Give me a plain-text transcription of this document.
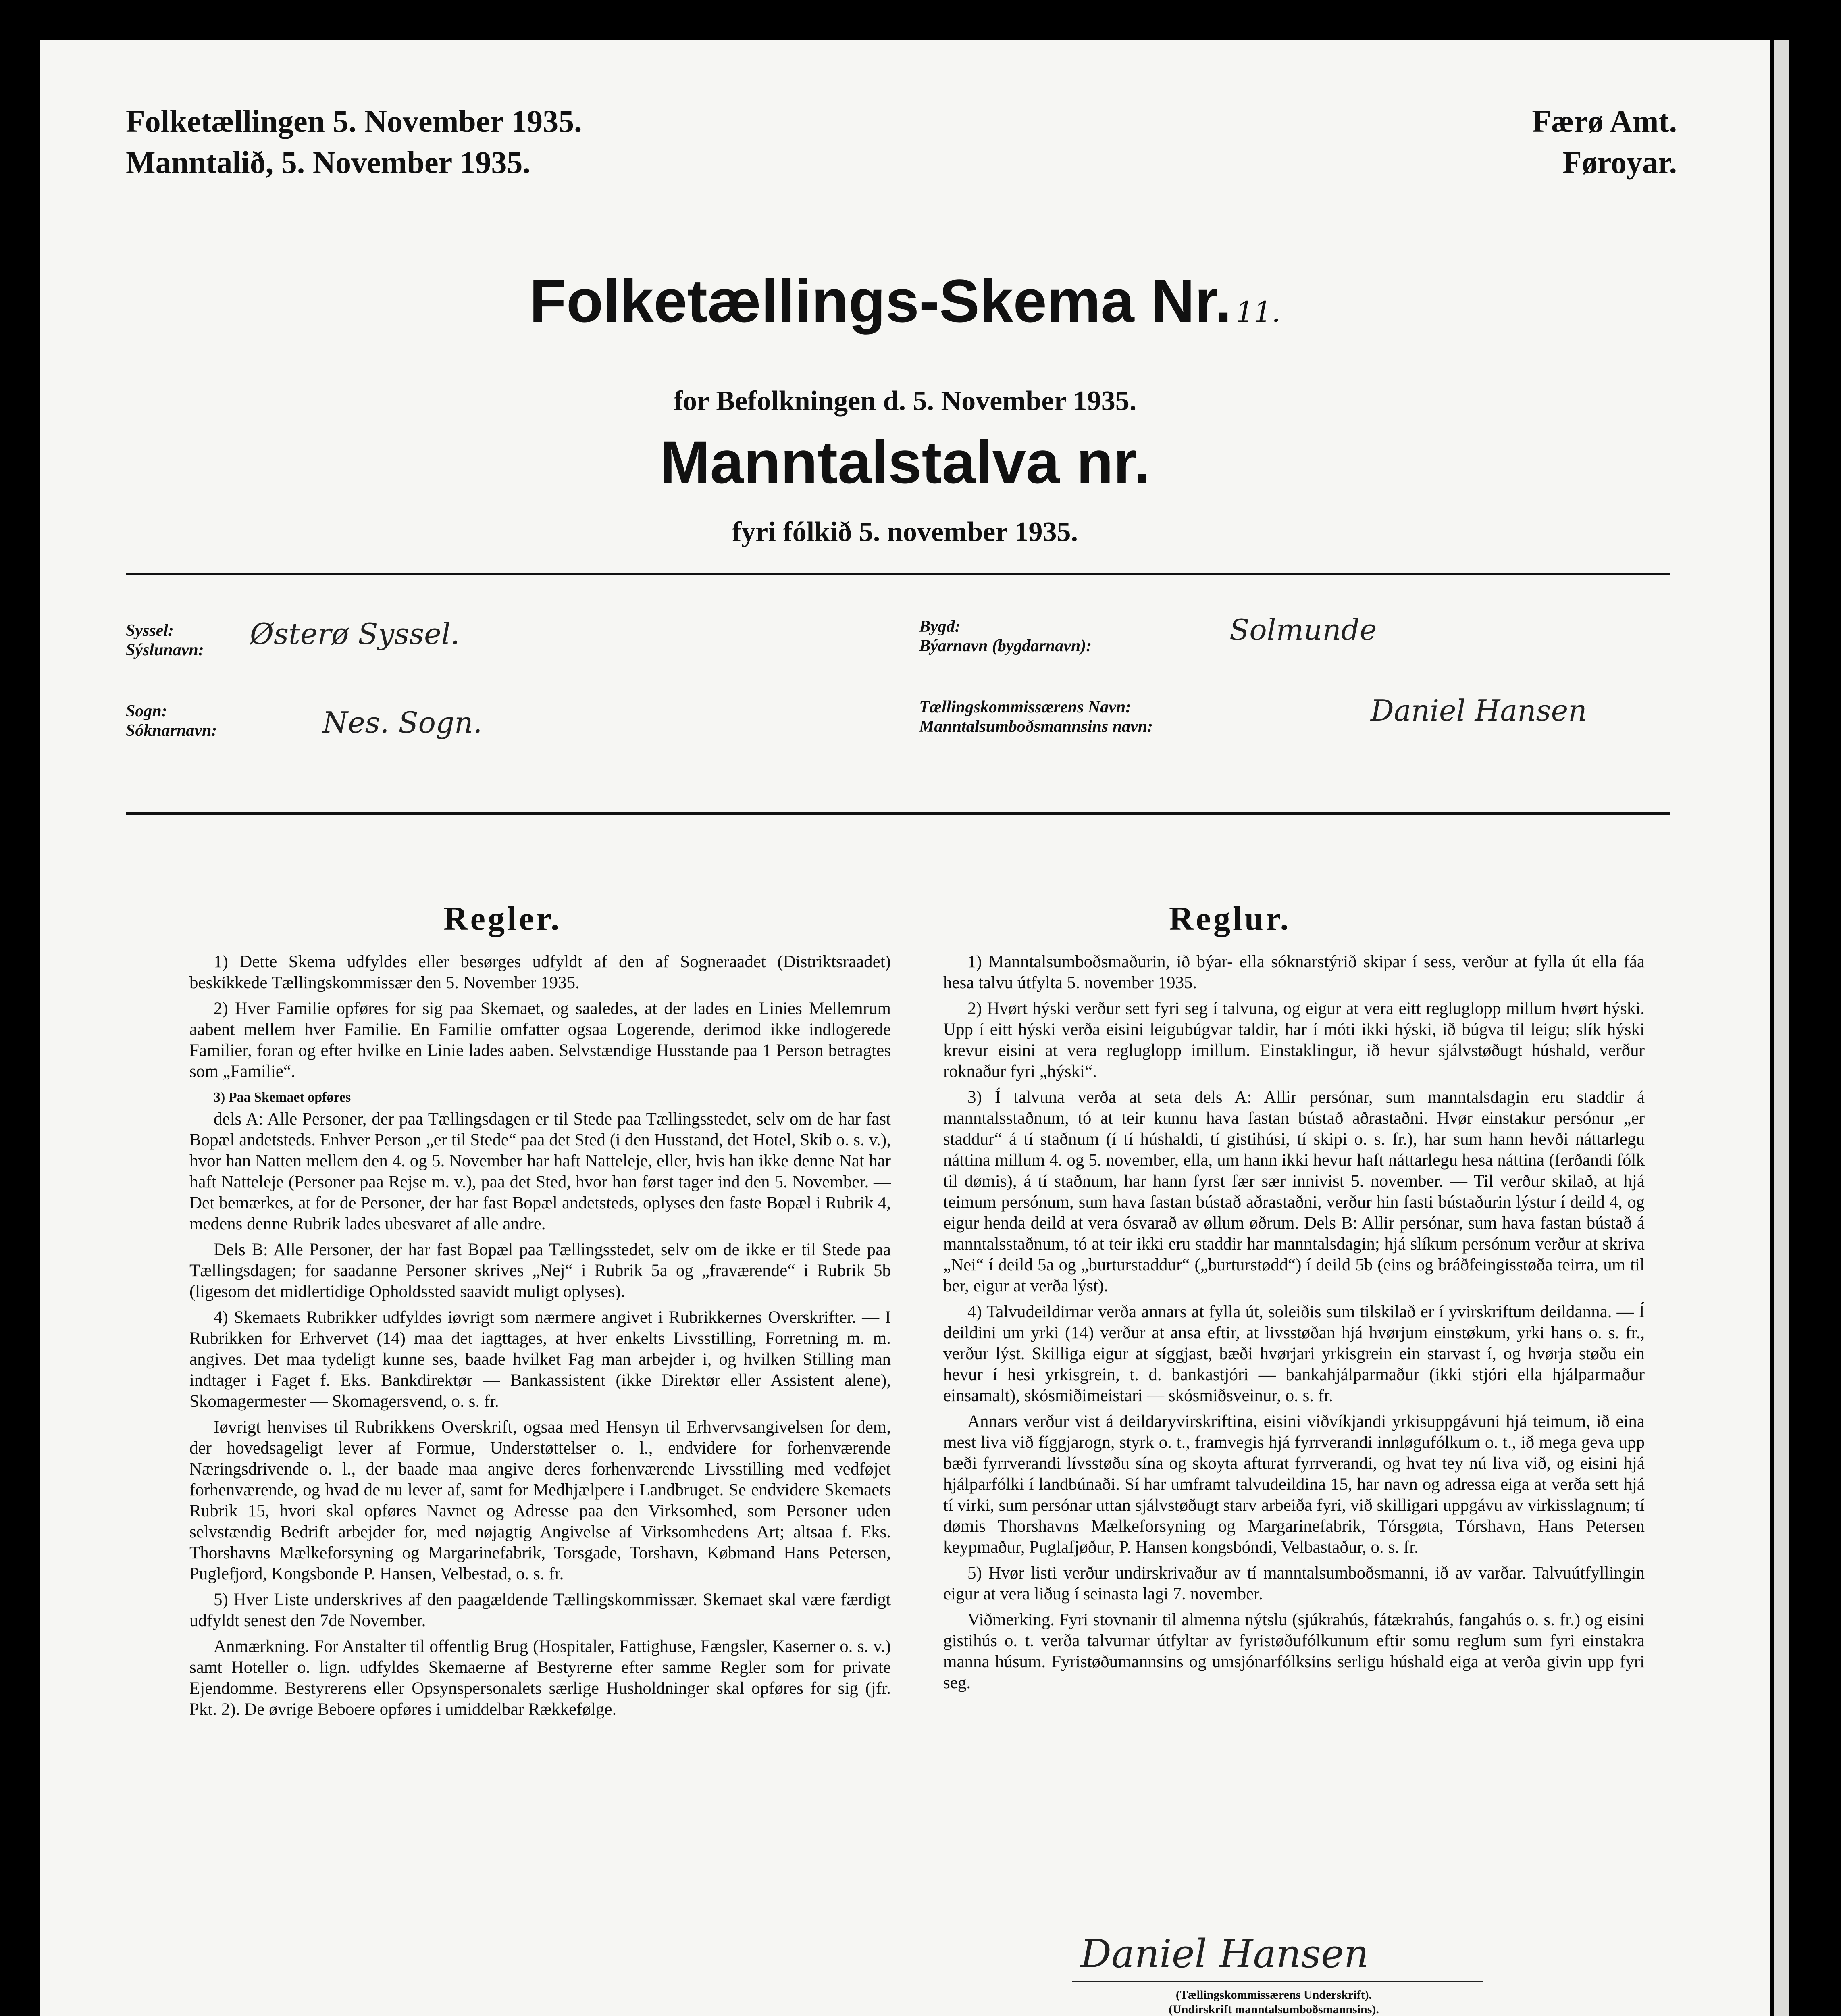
Folketællingen 5. November 1935.
Manntalið, 5. November 1935.
Færø Amt.
Føroyar.
Folketællings-Skema Nr. 11.
for Befolkningen d. 5. November 1935.
Manntalstalva nr.
fyri fólkið 5. november 1935.
Syssel:
Sýslunavn: Østerø Syssel.
Sogn:
Sóknarnavn:	Nes. Sogn.
Bygd:
Býarnavn (bygdarnavn):	Solmunde
Tællingskommissærens Navn:
Manntalsumboðsmannsins navn:	Daniel Hansen
Regler.	Reglur.

1) Dette Skema udfyldes eller besørges udfyldt af den af Sogneraadet (Distriktsraadet) beskikkede Tællingskommissær den 5. November 1935.

2) Hver Familie opføres for sig paa Skemaet, og saaledes, at der lades en Linies Mellemrum aabent mellem hver Familie. En Familie omfatter ogsaa Logerende, derimod ikke indlogerede Familier, foran og efter hvilke en Linie lades aaben. Selvstændige Husstande paa 1 Person betragtes som „Familie“.

3) Paa Skemaet opføres

dels A: Alle Personer, der paa Tællingsdagen er til Stede paa Tællingsstedet, selv om de har fast Bopæl andetsteds. Enhver Person „er til Stede“ paa det Sted (i den Husstand, det Hotel, Skib o. s. v.), hvor han Natten mellem den 4. og 5. November har haft Natteleje, eller, hvis han ikke denne Nat har haft Natteleje (Personer paa Rejse m. v.), paa det Sted, hvor han først tager ind den 5. November. — Det bemærkes, at for de Personer, der har fast Bopæl andetsteds, oplyses den faste Bopæl i Rubrik 4, medens denne Rubrik lades ubesvaret af alle andre.

Dels B: Alle Personer, der har fast Bopæl paa Tællingsstedet, selv om de ikke er til Stede paa Tællingsdagen; for saadanne Personer skrives „Nej“ i Rubrik 5a og „fraværende“ i Rubrik 5b (ligesom det midlertidige Opholdssted saavidt muligt oplyses).

4) Skemaets Rubrikker udfyldes iøvrigt som nærmere angivet i Rubrikkernes Overskrifter. — I Rubrikken for Erhvervet (14) maa det iagttages, at hver enkelts Livsstilling, Forretning m. m. angives. Det maa tydeligt kunne ses, baade hvilket Fag man arbejder i, og hvilken Stilling man indtager i Faget f. Eks. Bankdirektør — Bankassistent (ikke Direktør eller Assistent alene), Skomagermester — Skomagersvend, o. s. fr.

Iøvrigt henvises til Rubrikkens Overskrift, ogsaa med Hensyn til Erhvervsangivelsen for dem, der hovedsageligt lever af Formue, Understøttelser o. l., endvidere for forhenværende Næringsdrivende o. l., der baade maa angive deres forhenværende Livsstilling med vedføjet forhenværende, og hvad de nu lever af, samt for Medhjælpere i Landbruget. Se endvidere Skemaets Rubrik 15, hvori skal opføres Navnet og Adresse paa den Virksomhed, som Personer uden selvstændig Bedrift arbejder for, med nøjagtig Angivelse af Virksomhedens Art; altsaa f. Eks. Thorshavns Mælkeforsyning og Margarinefabrik, Torsgade, Torshavn, Købmand Hans Petersen, Puglefjord, Kongsbonde P. Hansen, Velbestad, o. s. fr.

5) Hver Liste underskrives af den paagældende Tællingskommissær. Skemaet skal være færdigt udfyldt senest den 7de November.

Anmærkning. For Anstalter til offentlig Brug (Hospitaler, Fattighuse, Fængsler, Kaserner o. s. v.) samt Hoteller o. lign. udfyldes Skemaerne af Bestyrerne efter samme Regler som for private Ejendomme. Bestyrerens eller Opsynspersonalets særlige Husholdninger skal opføres for sig (jfr. Pkt. 2). De øvrige Beboere opføres i umiddelbar Rækkefølge.

1) Manntalsumboðsmaðurin, ið býar- ella sóknarstýrið skipar í sess, verður at fylla út ella fáa hesa talvu útfylta 5. november 1935.

2) Hvørt hýski verður sett fyri seg í talvuna, og eigur at vera eitt regluglopp millum hvørt hýski. Upp í eitt hýski verða eisini leigubúgvar taldir, har í móti ikki hýski, ið búgva til leigu; slík hýski krevur eisini at vera regluglopp imillum. Einstaklingur, ið hevur sjálvstøðugt húshald, verður roknaður fyri „hýski“.

3) Í talvuna verða at seta dels A: Allir persónar, sum manntalsdagin eru staddir á manntalsstaðnum, tó at teir kunnu hava fastan bústað aðrastaðni. Hvør einstakur persónur „er staddur“ á tí staðnum (í tí húshaldi, tí gistihúsi, tí skipi o. s. fr.), har sum hann hevði náttarlegu náttina millum 4. og 5. november, ella, um hann ikki hevur haft náttarlegu hesa náttina (ferðandi fólk til dømis), á tí staðnum, har hann fyrst fær sær innivist 5. november. — Til verður skilað, at hjá teimum persónum, sum hava fastan bústað aðrastaðni, verður hin fasti bústaðurin lýstur í deild 4, og eigur henda deild at vera ósvarað av øllum øðrum. Dels B: Allir persónar, sum hava fastan bústað á manntalsstaðnum, tó at teir ikki eru staddir har manntalsdagin; hjá slíkum persónum verður at skriva „Nei“ í deild 5a og „burturstaddur“ („burturstødd“) í deild 5b (eins og bráðfeingisstøða teirra, um til ber, eigur at verða lýst).

4) Talvudeildirnar verða annars at fylla út, soleiðis sum tilskilað er í yvirskriftum deildanna. — Í deildini um yrki (14) verður at ansa eftir, at livsstøðan hjá hvørjum einstøkum, yrki hans o. s. fr., verður lýst. Skilliga eigur at síggjast, bæði hvørjari yrkisgrein ein starvast í, og hvørja støðu ein hevur í hesi yrkisgrein, t. d. bankastjóri — bankahjálparmaður (ikki stjóri ella hjálparmaður einsamalt), skósmiðimeistari — skósmiðsveinur, o. s. fr.

Annars verður vist á deildaryvirskriftina, eisini viðvíkjandi yrkisuppgávuni hjá teimum, ið eina mest liva við fíggjarogn, styrk o. t., framvegis hjá fyrrverandi innløgufólkum o. t., ið mega geva upp bæði fyrrverandi lívsstøðu sína og skoyta afturat fyrrverandi, og hvat tey nú liva við, og eisini hjá hjálparfólki í landbúnaði. Sí har umframt talvudeildina 15, har navn og adressa eiga at verða sett hjá tí virki, sum persónar uttan sjálvstøðugt starv arbeiða fyri, við skilligari uppgávu av virkisslagnum; tí dømis Thorshavns Mælkeforsyning og Margarinefabrik, Tórsgøta, Tórshavn, Hans Petersen keypmaður, Puglafjøður, P. Hansen kongsbóndi, Velbastaður, o. s. fr.

5) Hvør listi verður undirskrivaður av tí manntalsumboðsmanni, ið av varðar. Talvuútfyllingin eigur at vera liðug í seinasta lagi 7. november.

Viðmerking. Fyri stovnanir til almenna nýtslu (sjúkrahús, fátækrahús, fangahús o. s. fr.) og eisini gistihús o. t. verða talvurnar útfyltar av fyristøðufólkunum eftir somu reglum sum fyri einstakra manna húsum. Fyristøðumannsins og umsjónarfólksins serligu húshald eiga at verða givin upp fyri seg.

Daniel Hansen
(Tællingskommissærens Underskrift).
(Undirskrift manntalsumboðsmannsins).
